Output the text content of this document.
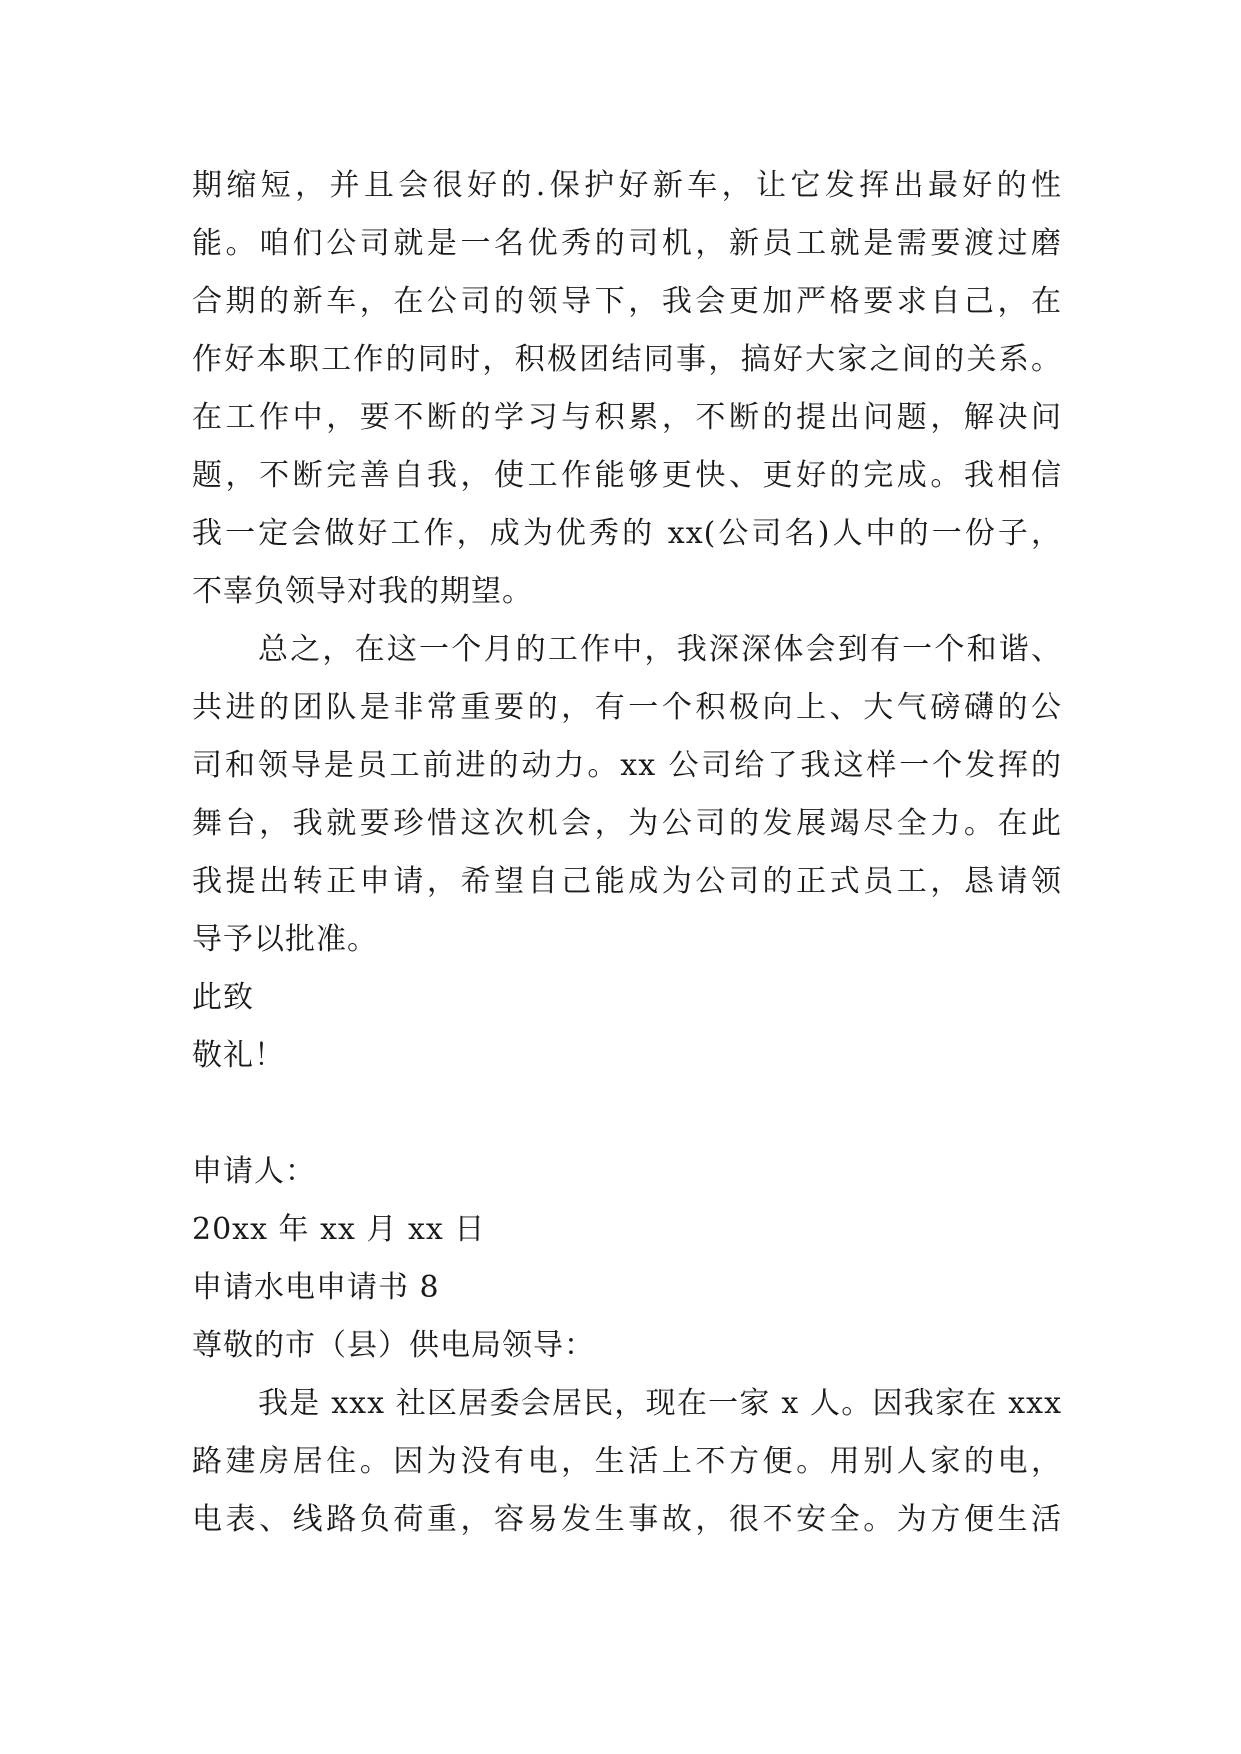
期缩短，并且会很好的.保护好新车，让它发挥出最好的性
能。咱们公司就是一名优秀的司机，新员工就是需要渡过磨
合期的新车，在公司的领导下，我会更加严格要求自己，在
作好本职工作的同时，积极团结同事，搞好大家之间的关系。
在工作中，要不断的学习与积累，不断的提出问题，解决问
题，不断完善自我，使工作能够更快、更好的完成。我相信
我一定会做好工作，成为优秀的 xx(公司名)人中的一份子，
不辜负领导对我的期望。
总之，在这一个月的工作中，我深深体会到有一个和谐、
共进的团队是非常重要的，有一个积极向上、大气磅礴的公
司和领导是员工前进的动力。xx 公司给了我这样一个发挥的
舞台，我就要珍惜这次机会，为公司的发展竭尽全力。在此
我提出转正申请，希望自己能成为公司的正式员工，恳请领
导予以批准。
此致
敬礼！
申请人：
20xx 年 xx 月 xx 日
申请水电申请书 8
尊敬的市（县）供电局领导：
我是 xxx 社区居委会居民，现在一家 x 人。因我家在 xxx
路建房居住。因为没有电，生活上不方便。用别人家的电，
电表、线路负荷重，容易发生事故，很不安全。为方便生活
